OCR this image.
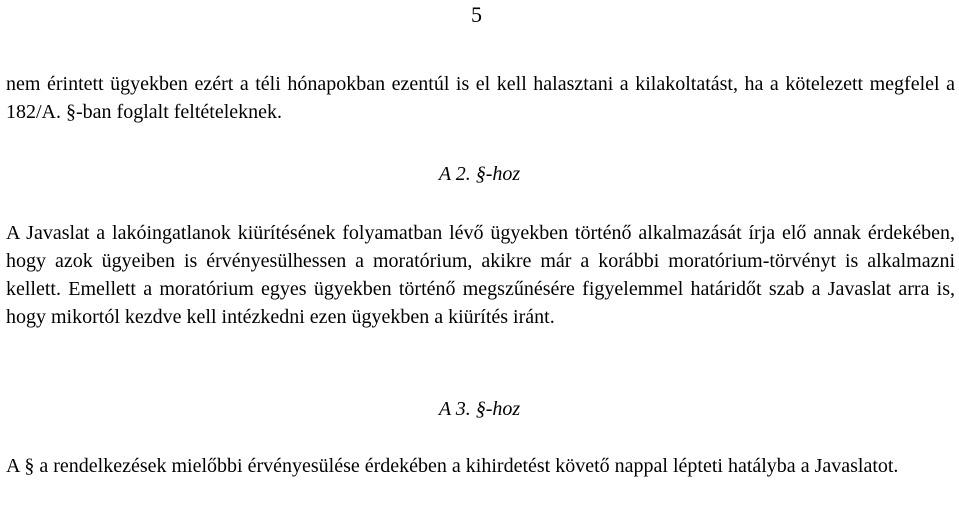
5

nem érintett ügyekben ezért a téli hónapokban ezentúl is el kell halasztani a kilakoltatást, ha a kötelezett megfelel a 182/A. §-ban foglalt feltételeknek.

A 2. §-hoz

A Javaslat a lakóingatlanok kiürítésének folyamatban lévő ügyekben történő alkalmazását írja elő annak érdekében, hogy azok ügyeiben is érvényesülhessen a moratórium, akikre már a korábbi moratórium-törvényt is alkalmazni kellett. Emellett a moratórium egyes ügyekben történő megszűnésére figyelemmel határidőt szab a Javaslat arra is, hogy mikortól kezdve kell intézkedni ezen ügyekben a kiürítés iránt.

A 3. §-hoz

A § a rendelkezések mielőbbi érvényesülése érdekében a kihirdetést követő nappal lépteti hatályba a Javaslatot.
